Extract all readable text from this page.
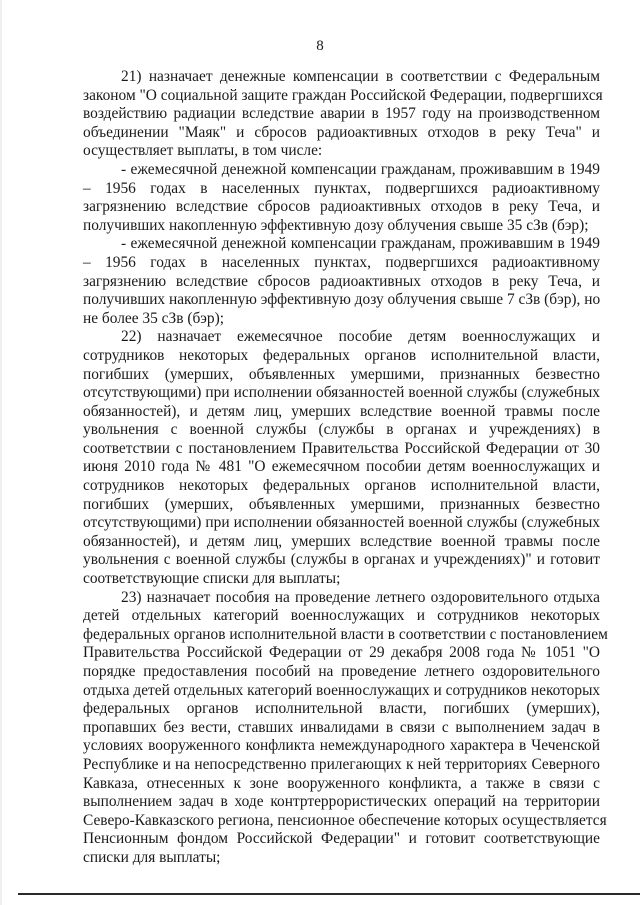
8

21) назначает денежные компенсации в соответствии с Федеральным
законом "О социальной защите граждан Российской Федерации, подвергшихся
воздействию радиации вследствие аварии в 1957 году на производственном
объединении "Маяк" и сбросов радиоактивных отходов в реку Теча" и
осуществляет выплаты, в том числе:

- ежемесячной денежной компенсации гражданам, проживавшим в 1949
– 1956 годах в населенных пунктах, подвергшихся радиоактивному
загрязнению вследствие сбросов радиоактивных отходов в реку Теча, и
получивших накопленную эффективную дозу облучения свыше 35 сЗв (бэр);

- ежемесячной денежной компенсации гражданам, проживавшим в 1949
– 1956 годах в населенных пунктах, подвергшихся радиоактивному
загрязнению вследствие сбросов радиоактивных отходов в реку Теча, и
получивших накопленную эффективную дозу облучения свыше 7 сЗв (бэр), но
не более 35 сЗв (бэр);

22) назначает ежемесячное пособие детям военнослужащих и
сотрудников некоторых федеральных органов исполнительной власти,
погибших (умерших, объявленных умершими, признанных безвестно
отсутствующими) при исполнении обязанностей военной службы (служебных
обязанностей), и детям лиц, умерших вследствие военной травмы после
увольнения с военной службы (службы в органах и учреждениях) в
соответствии с постановлением Правительства Российской Федерации от 30
июня 2010 года № 481 "О ежемесячном пособии детям военнослужащих и
сотрудников некоторых федеральных органов исполнительной власти,
погибших (умерших, объявленных умершими, признанных безвестно
отсутствующими) при исполнении обязанностей военной службы (служебных
обязанностей), и детям лиц, умерших вследствие военной травмы после
увольнения с военной службы (службы в органах и учреждениях)" и готовит
соответствующие списки для выплаты;

23) назначает пособия на проведение летнего оздоровительного отдыха
детей отдельных категорий военнослужащих и сотрудников некоторых
федеральных органов исполнительной власти в соответствии с постановлением
Правительства Российской Федерации от 29 декабря 2008 года № 1051 "О
порядке предоставления пособий на проведение летнего оздоровительного
отдыха детей отдельных категорий военнослужащих и сотрудников некоторых
федеральных органов исполнительной власти, погибших (умерших),
пропавших без вести, ставших инвалидами в связи с выполнением задач в
условиях вооруженного конфликта немеждународного характера в Чеченской
Республике и на непосредственно прилегающих к ней территориях Северного
Кавказа, отнесенных к зоне вооруженного конфликта, а также в связи с
выполнением задач в ходе контртеррористических операций на территории
Северо-Кавказского региона, пенсионное обеспечение которых осуществляется
Пенсионным фондом Российской Федерации" и готовит соответствующие
списки для выплаты;
